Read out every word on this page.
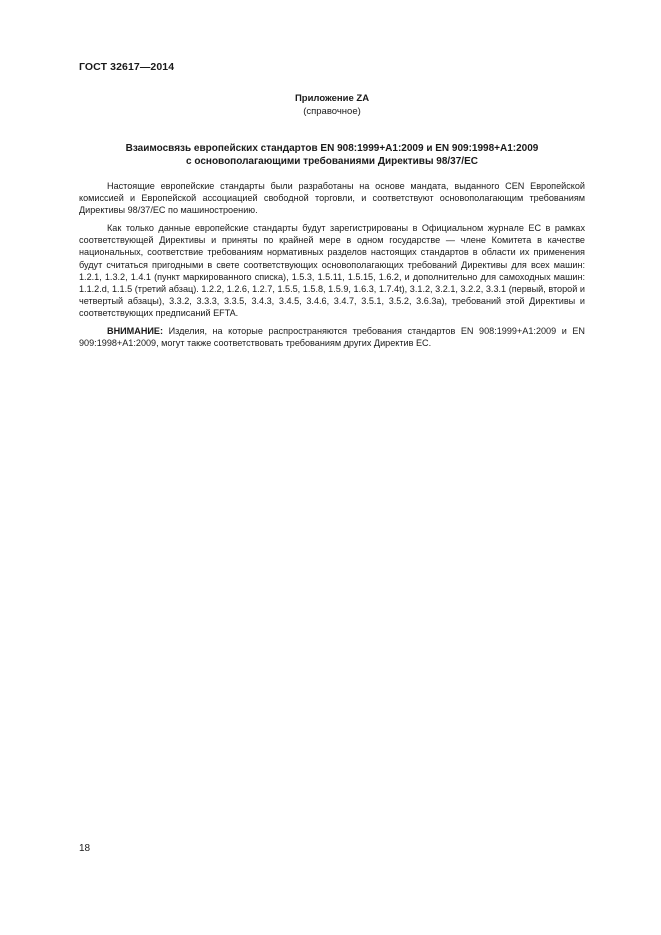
ГОСТ 32617—2014
Приложение ZA
(справочное)
Взаимосвязь европейских стандартов EN 908:1999+A1:2009 и EN 909:1998+A1:2009
с основополагающими требованиями Директивы 98/37/ЕС

Настоящие европейские стандарты были разработаны на основе мандата, выданного CEN Европейской комиссией и Европейской ассоциацией свободной торговли, и соответствуют основополагающим требованиям Директивы 98/37/ЕС по машиностроению.

Как только данные европейские стандарты будут зарегистрированы в Официальном журнале ЕС в рамках соответствующей Директивы и приняты по крайней мере в одном государстве — члене Комитета в качестве национальных, соответствие требованиям нормативных разделов настоящих стандартов в области их применения будут считаться пригодными в свете соответствующих основополагающих требований Директивы для всех машин: 1.2.1, 1.3.2, 1.4.1 (пункт маркированного списка), 1.5.3, 1.5.11, 1.5.15, 1.6.2, и дополнительно для самоходных машин: 1.1.2.d, 1.1.5 (третий абзац). 1.2.2, 1.2.6, 1.2.7, 1.5.5, 1.5.8, 1.5.9, 1.6.3, 1.7.4t), 3.1.2, 3.2.1, 3.2.2, 3.3.1 (первый, второй и четвертый абзацы), 3.3.2, 3.3.3, 3.3.5, 3.4.3, 3.4.5, 3.4.6, 3.4.7, 3.5.1, 3.5.2, 3.6.3а), требований этой Директивы и соответствующих предписаний EFTA.

ВНИМАНИЕ: Изделия, на которые распространяются требования стандартов EN 908:1999+A1:2009 и EN 909:1998+A1:2009, могут также соответствовать требованиям других Директив ЕС.

18
